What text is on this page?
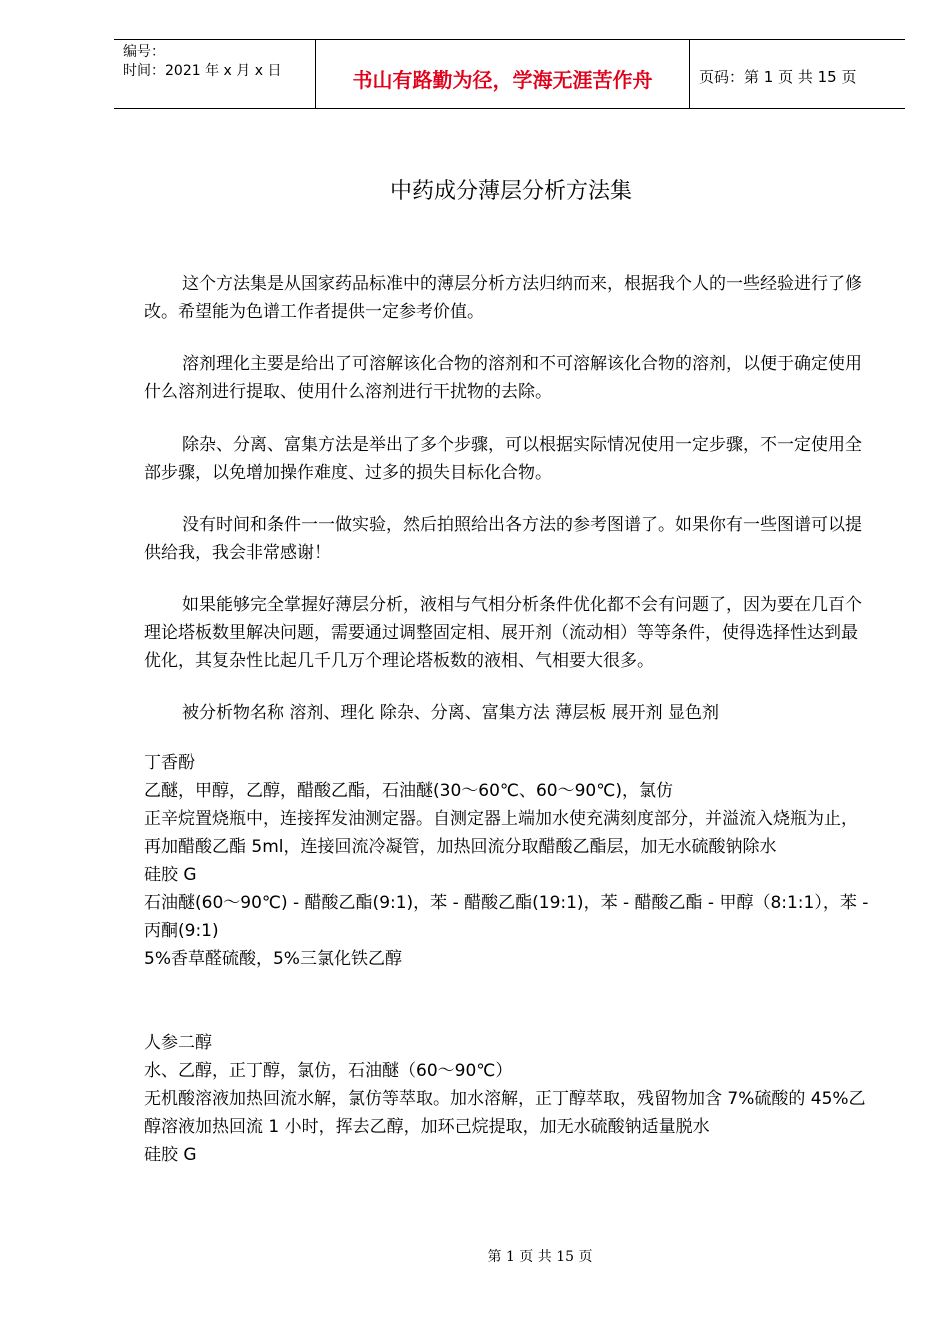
编号：
时间：2021 年 x 月 x 日	书山有路勤为径，学海无涯苦作舟	页码：第 1 页 共 15 页
中药成分薄层分析方法集

这个方法集是从国家药品标准中的薄层分析方法归纳而来，根据我个人的一些经验进行了修改。希望能为色谱工作者提供一定参考价值。

溶剂理化主要是给出了可溶解该化合物的溶剂和不可溶解该化合物的溶剂，以便于确定使用什么溶剂进行提取、使用什么溶剂进行干扰物的去除。

除杂、分离、富集方法是举出了多个步骤，可以根据实际情况使用一定步骤，不一定使用全部步骤，以免增加操作难度、过多的损失目标化合物。

没有时间和条件一一做实验，然后拍照给出各方法的参考图谱了。如果你有一些图谱可以提供给我，我会非常感谢！

如果能够完全掌握好薄层分析，液相与气相分析条件优化都不会有问题了，因为要在几百个理论塔板数里解决问题，需要通过调整固定相、展开剂（流动相）等等条件，使得选择性达到最优化，其复杂性比起几千几万个理论塔板数的液相、气相要大很多。

被分析物名称 溶剂、理化 除杂、分离、富集方法 薄层板 展开剂 显色剂

丁香酚

乙醚，甲醇，乙醇，醋酸乙酯，石油醚(30～60℃、60～90℃)，氯仿

正辛烷置烧瓶中，连接挥发油测定器。自测定器上端加水使充满刻度部分，并溢流入烧瓶为止，再加醋酸乙酯 5ml，连接回流冷凝管，加热回流分取醋酸乙酯层，加无水硫酸钠除水

硅胶 G

石油醚(60～90℃) - 醋酸乙酯(9:1)，苯 - 醋酸乙酯(19:1)，苯 - 醋酸乙酯 - 甲醇（8:1:1），苯 - 丙酮(9:1)

5%香草醛硫酸，5%三氯化铁乙醇

人参二醇

水、乙醇，正丁醇，氯仿，石油醚（60～90℃）

无机酸溶液加热回流水解，氯仿等萃取。加水溶解，正丁醇萃取，残留物加含 7%硫酸的 45%乙醇溶液加热回流 1 小时，挥去乙醇，加环己烷提取，加无水硫酸钠适量脱水

硅胶 G

第 1 页 共 15 页
